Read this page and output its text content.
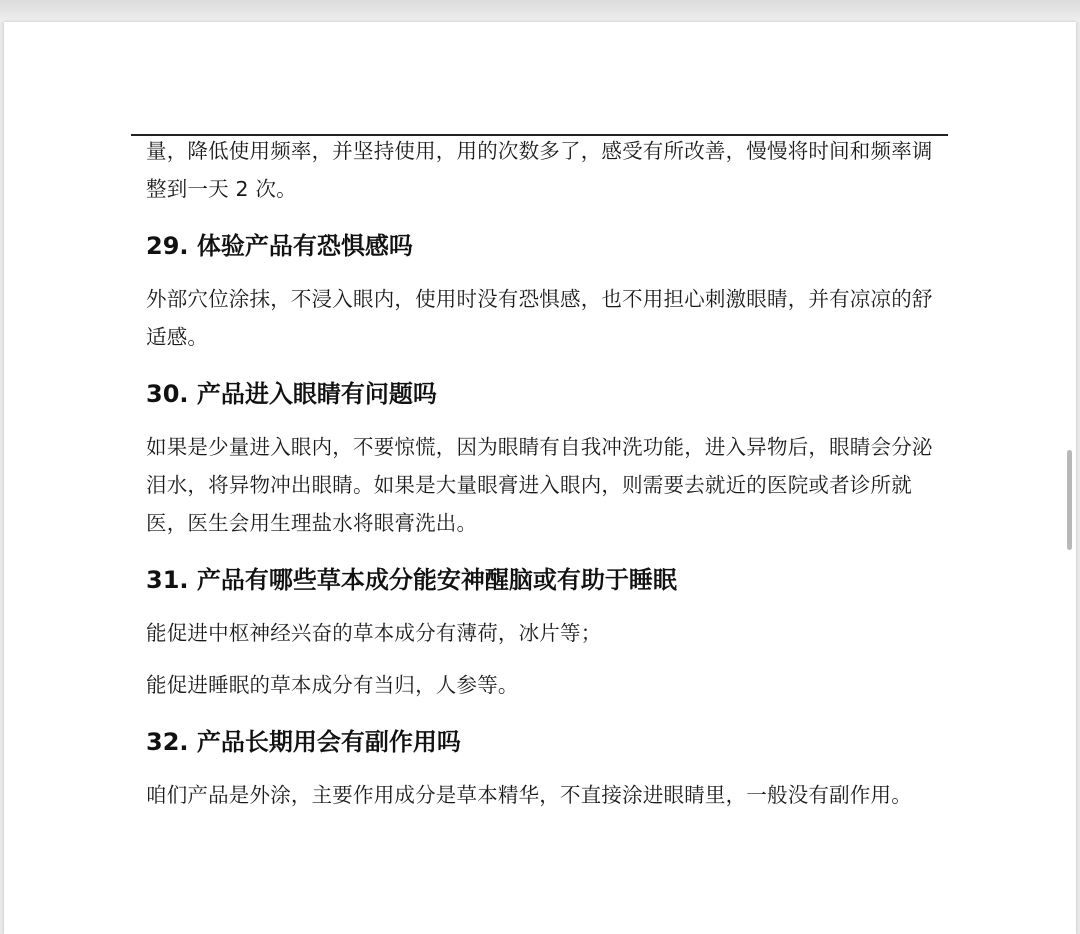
量，降低使用频率，并坚持使用，用的次数多了，感受有所改善，慢慢将时间和频率调整到一天 2 次。

29. 体验产品有恐惧感吗

外部穴位涂抹，不浸入眼内，使用时没有恐惧感，也不用担心刺激眼睛，并有凉凉的舒适感。

30. 产品进入眼睛有问题吗

如果是少量进入眼内，不要惊慌，因为眼睛有自我冲洗功能，进入异物后，眼睛会分泌泪水，将异物冲出眼睛。如果是大量眼膏进入眼内，则需要去就近的医院或者诊所就医，医生会用生理盐水将眼膏洗出。

31. 产品有哪些草本成分能安神醒脑或有助于睡眠

能促进中枢神经兴奋的草本成分有薄荷，冰片等；

能促进睡眠的草本成分有当归，人参等。

32. 产品长期用会有副作用吗

咱们产品是外涂，主要作用成分是草本精华，不直接涂进眼睛里，一般没有副作用。
